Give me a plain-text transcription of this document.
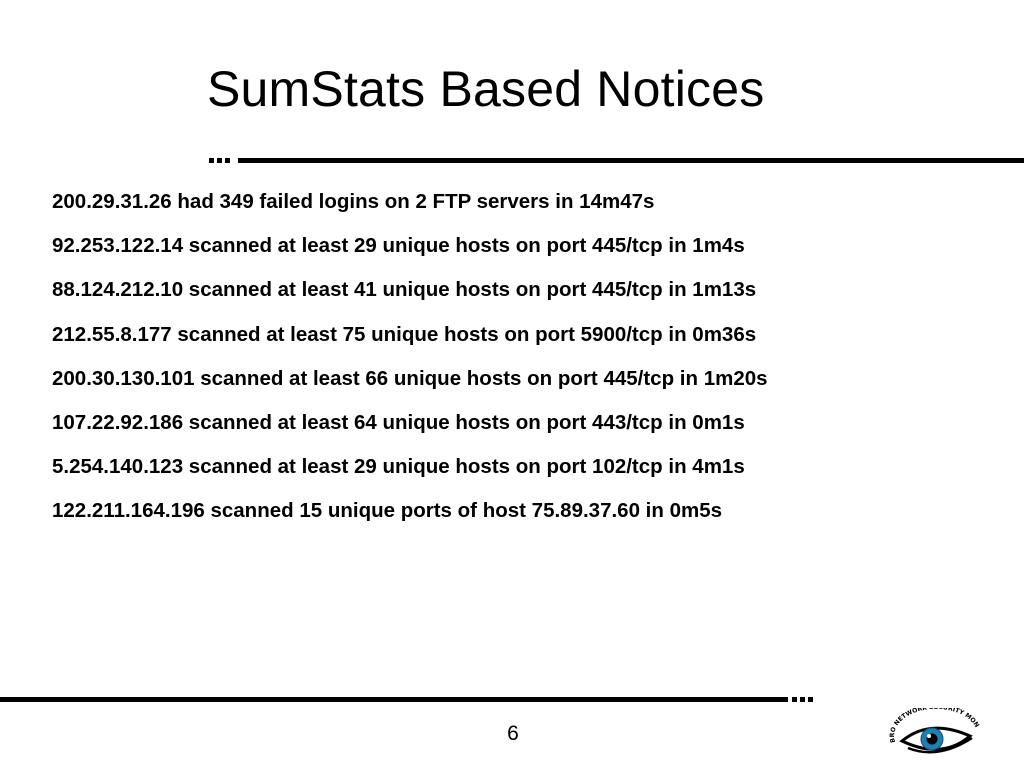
SumStats Based Notices
200.29.31.26 had 349 failed logins on 2 FTP servers in 14m47s
92.253.122.14 scanned at least 29 unique hosts on port 445/tcp in 1m4s
88.124.212.10 scanned at least 41 unique hosts on port 445/tcp in 1m13s
212.55.8.177 scanned at least 75 unique hosts on port 5900/tcp in 0m36s
200.30.130.101 scanned at least 66 unique hosts on port 445/tcp in 1m20s
107.22.92.186 scanned at least 64 unique hosts on port 443/tcp in 0m1s
5.254.140.123 scanned at least 29 unique hosts on port 102/tcp in 4m1s
122.211.164.196 scanned 15 unique ports of host 75.89.37.60 in 0m5s
6	BRO NETWORK RITY MON
